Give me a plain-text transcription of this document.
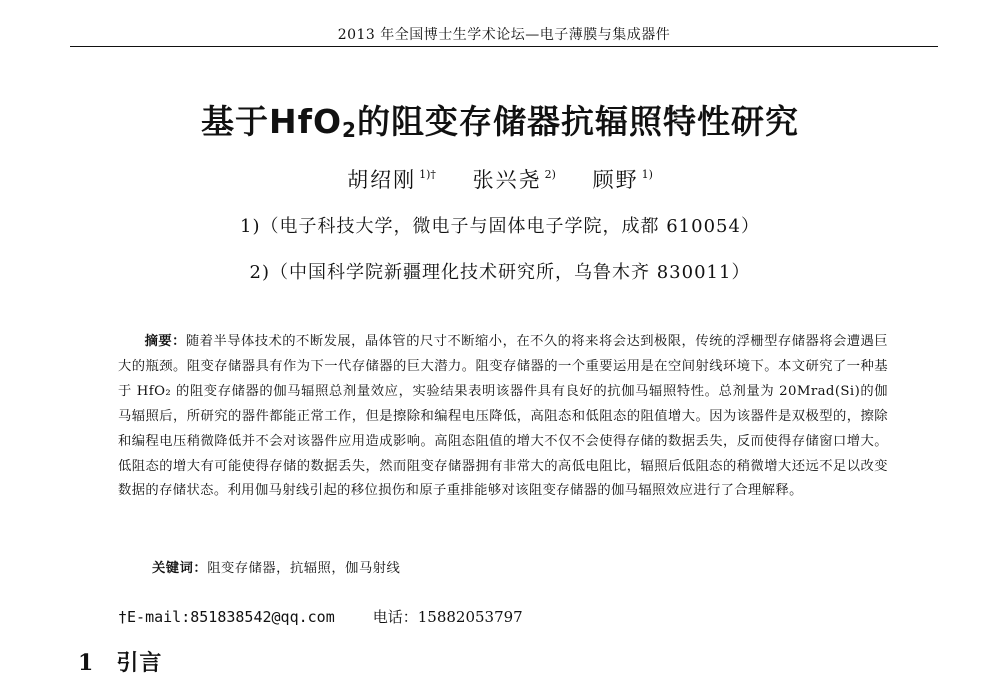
2013 年全国博士生学术论坛—电子薄膜与集成器件
基于HfO$_2$的阻变存储器抗辐照特性研究
胡绍刚 $^{1)\dagger}$ 张兴尧 $^{2)}$ 顾野 $^{1)}$
1)（电子科技大学，微电子与固体电子学院，成都 610054）
2)（中国科学院新疆理化技术研究所，乌鲁木齐 830011）

摘要：随着半导体技术的不断发展，晶体管的尺寸不断缩小，在不久的将来将会达到极限，传统的浮栅型存储器将会遭遇巨大的瓶颈。阻变存储器具有作为下一代存储器的巨大潜力。阻变存储器的一个重要运用是在空间射线环境下。本文研究了一种基于 HfO₂ 的阻变存储器的伽马辐照总剂量效应，实验结果表明该器件具有良好的抗伽马辐照特性。总剂量为 20Mrad(Si)的伽马辐照后，所研究的器件都能正常工作，但是擦除和编程电压降低，高阻态和低阻态的阻值增大。因为该器件是双极型的，擦除和编程电压稍微降低并不会对该器件应用造成影响。高阻态阻值的增大不仅不会使得存储的数据丢失，反而使得存储窗口增大。低阻态的增大有可能使得存储的数据丢失，然而阻变存储器拥有非常大的高低电阻比，辐照后低阻态的稍微增大还远不足以改变数据的存储状态。利用伽马射线引起的移位损伤和原子重排能够对该阻变存储器的伽马辐照效应进行了合理解释。

关键词：阻变存储器，抗辐照，伽马射线
†E-mail:851838542@qq.com	电话：15882053797
1 引言
